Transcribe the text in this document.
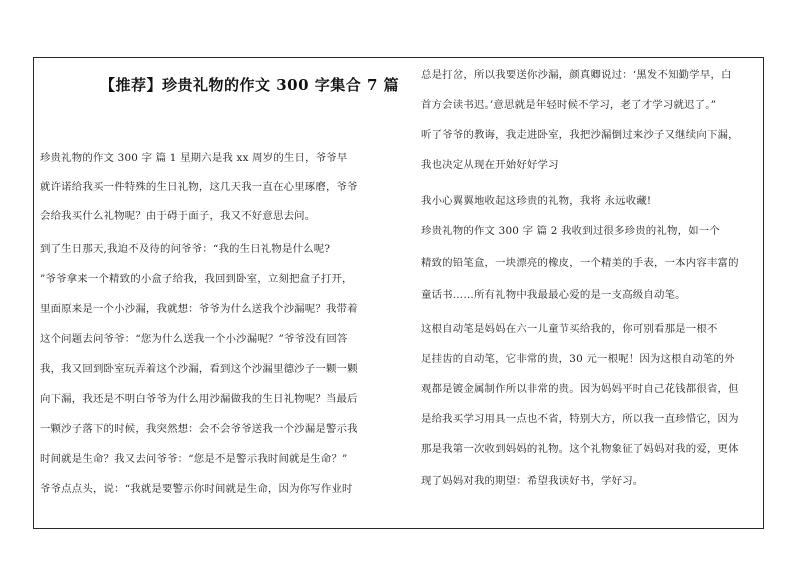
【推荐】珍贵礼物的作文 300 字集合 7 篇
珍贵礼物的作文 300 字 篇 1 星期六是我 xx 周岁的生日，爷爷早
就许诺给我买一件特殊的生日礼物，这几天我一直在心里琢磨，爷爷
会给我买什么礼物呢？由于碍于面子，我又不好意思去问。
到了生日那天,我迫不及待的问爷爷：“我的生日礼物是什么呢?
”爷爷拿来一个精致的小盒子给我，我回到卧室，立刻把盒子打开，
里面原来是一个小沙漏，我就想：爷爷为什么送我个沙漏呢？我带着
这个问题去问爷爷：“您为什么送我一个小沙漏呢？”爷爷没有回答
我，我又回到卧室玩弄着这个沙漏，看到这个沙漏里德沙子一颗一颗
向下漏，我还是不明白爷爷为什么用沙漏做我的生日礼物呢？当最后
一颗沙子落下的时候，我突然想：会不会爷爷送我一个沙漏是警示我
时间就是生命？我又去问爷爷：“您是不是警示我时间就是生命？”
爷爷点点头，说：“我就是要警示你时间就是生命，因为你写作业时
总是打岔，所以我要送你沙漏，颜真卿说过：‘黑发不知勤学早，白
首方会读书迟。’意思就是年轻时候不学习，老了才学习就迟了。”
听了爷爷的教诲，我走进卧室，我把沙漏倒过来沙子又继续向下漏，
我也决定从现在开始好好学习
我小心翼翼地收起这珍贵的礼物，我将 永远收藏!
珍贵礼物的作文 300 字 篇 2 我收到过很多珍贵的礼物，如一个
精致的铅笔盒，一块漂亮的橡皮，一个精美的手表，一本内容丰富的
童话书……所有礼物中我最最心爱的是一支高级自动笔。
这根自动笔是妈妈在六一儿童节买给我的，你可别看那是一根不
足挂齿的自动笔，它非常的贵，30 元一根呢！因为这根自动笔的外
观都是镀金属制作所以非常的贵。因为妈妈平时自己花钱都很省，但
是给我买学习用具一点也不省，特别大方，所以我一直珍惜它，因为
那是我第一次收到妈妈的礼物。这个礼物象征了妈妈对我的爱，更体
现了妈妈对我的期望：希望我读好书，学好习。
